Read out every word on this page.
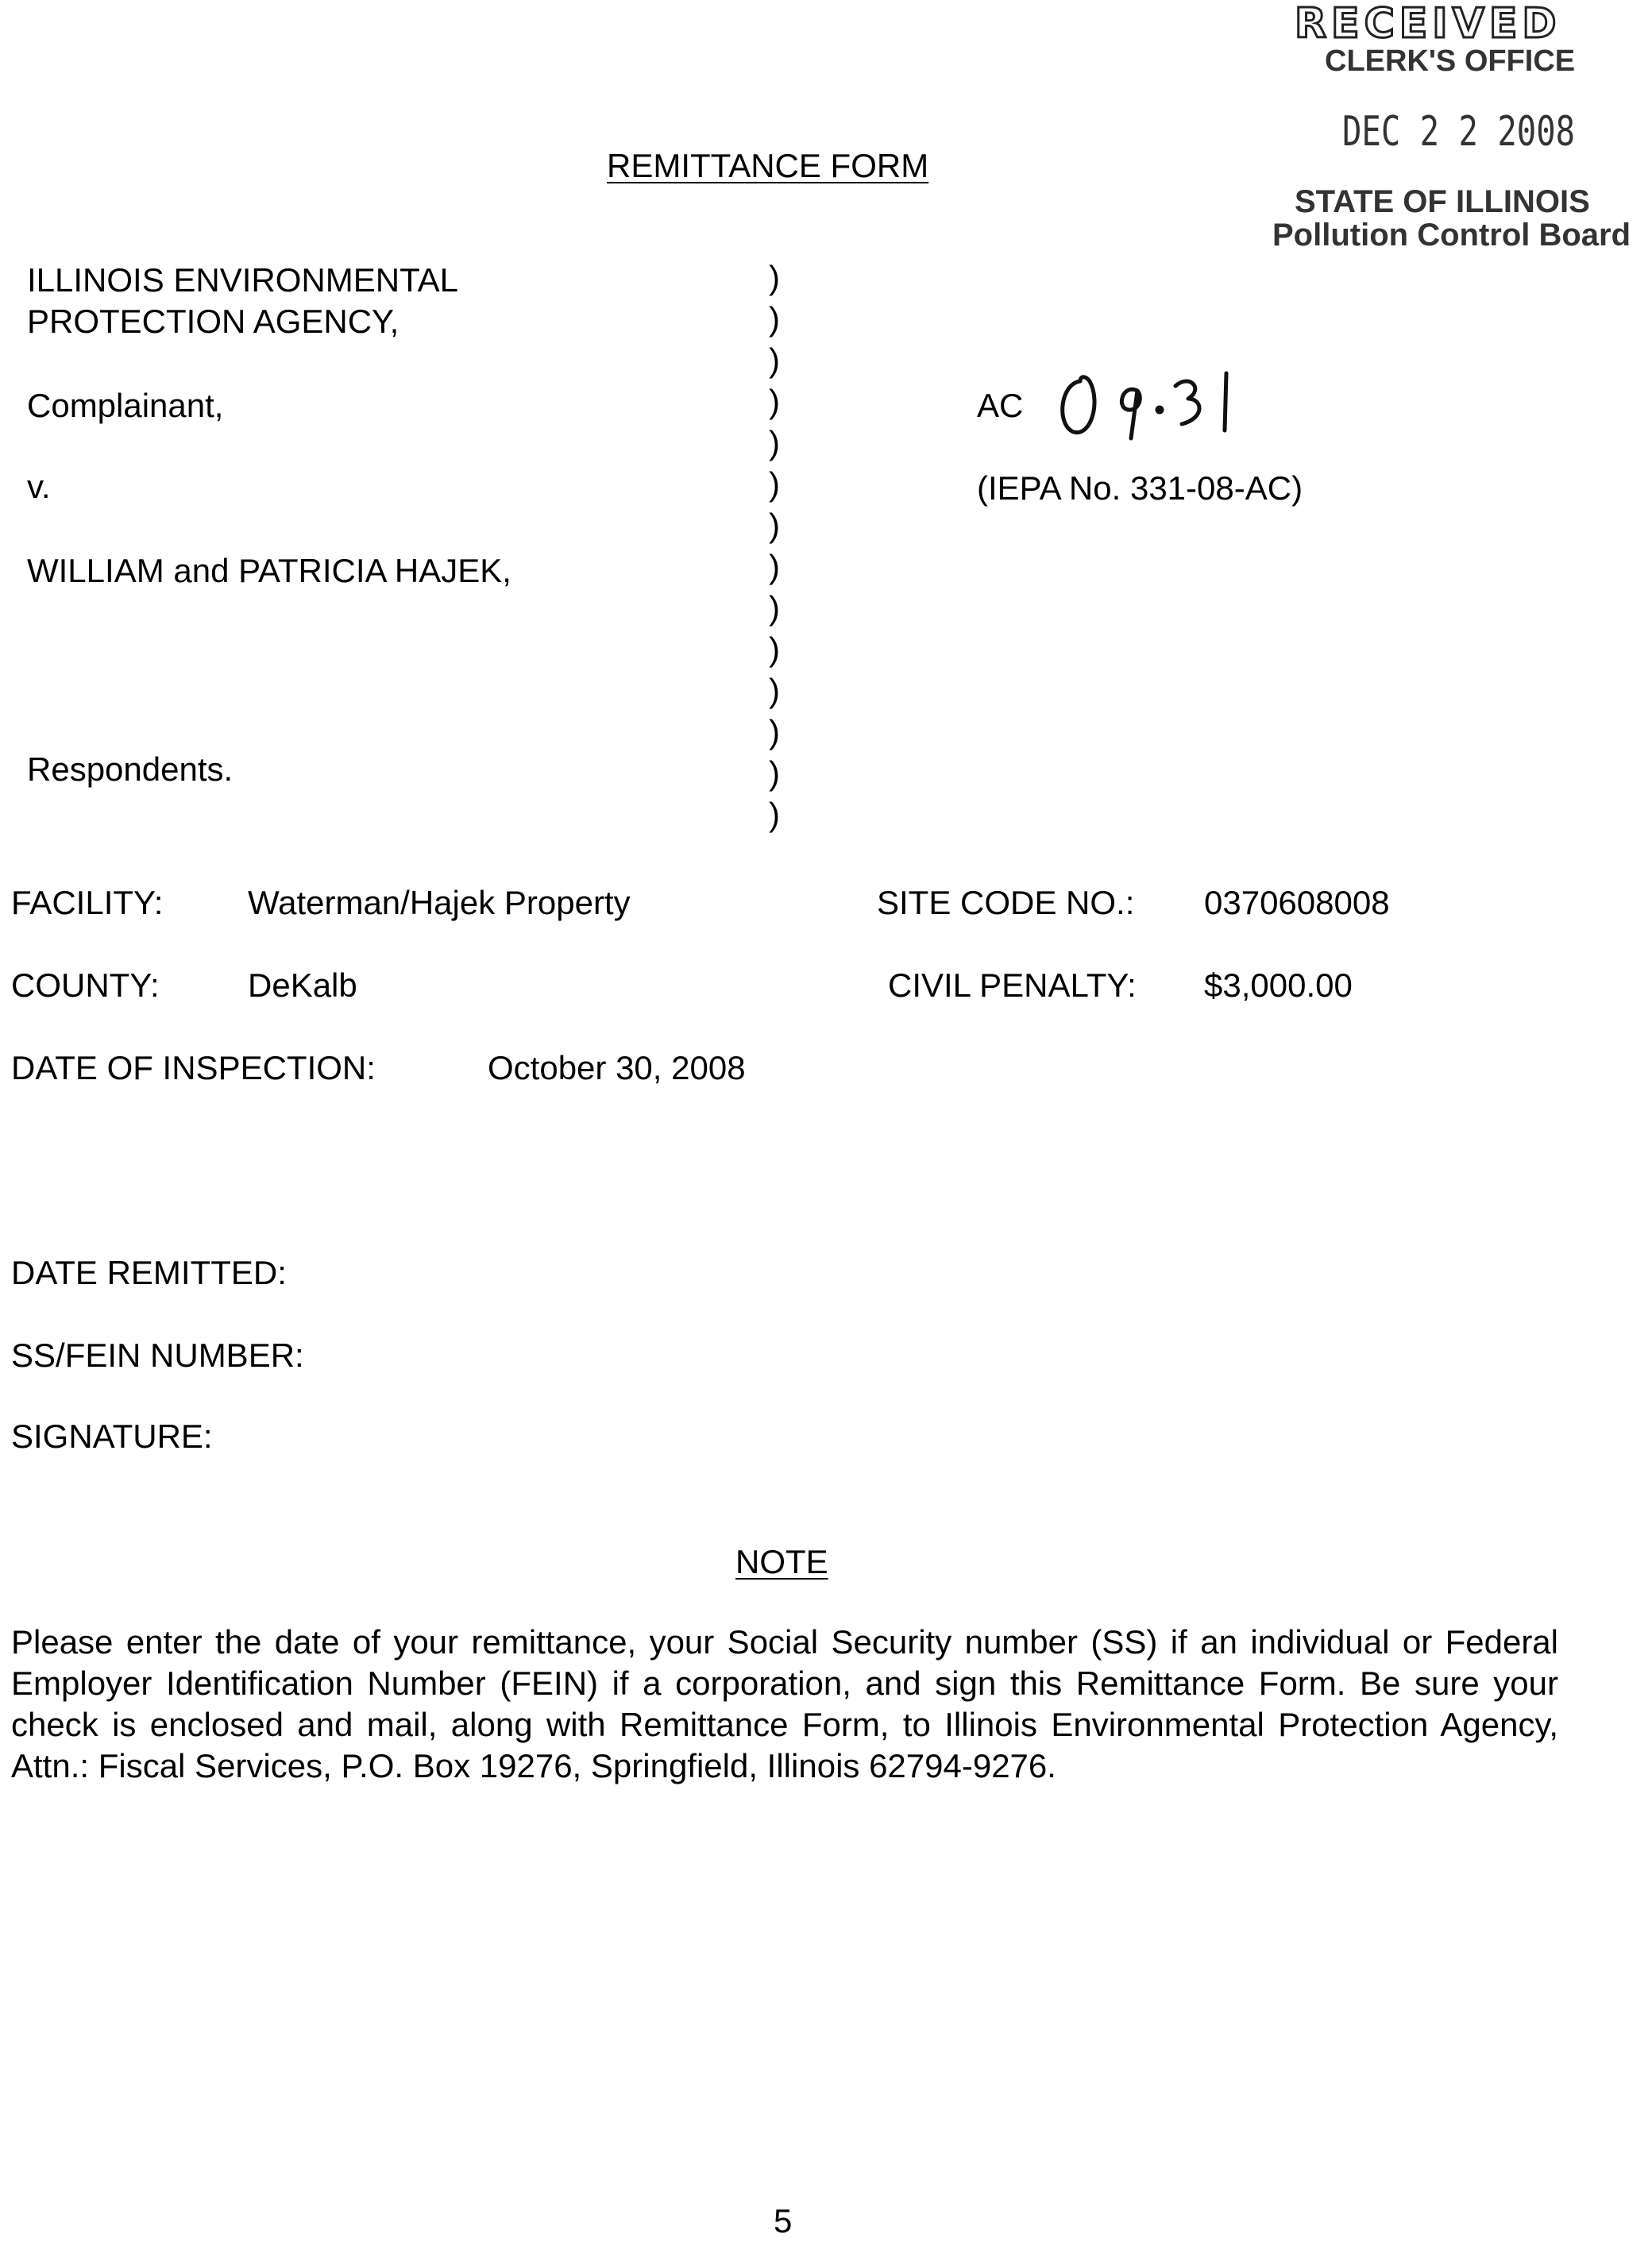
RECEIVED
CLERK'S OFFICE
DEC 2 2 2008
STATE OF ILLINOIS
Pollution Control Board
REMITTANCE FORM
ILLINOIS ENVIRONMENTAL
PROTECTION AGENCY,
Complainant,
v.
WILLIAM and PATRICIA HAJEK,
Respondents.
)
)
)
)
)
)
)
)
)
)
)
)
)
)
AC
09-31
(IEPA No. 331-08-AC)
FACILITY:	Waterman/Hajek Property	SITE CODE NO.: 0370608008
COUNTY:	DeKalb	CIVIL PENALTY: $3,000.00
DATE OF INSPECTION:	October 30, 2008
DATE REMITTED:
SS/FEIN NUMBER:
SIGNATURE:
NOTE
Please enter the date of your remittance, your Social Security number (SS) if an individual or Federal Employer Identification Number (FEIN) if a corporation, and sign this Remittance Form. Be sure your check is enclosed and mail, along with Remittance Form, to Illinois Environmental Protection Agency, Attn.: Fiscal Services, P.O. Box 19276, Springfield, Illinois 62794-9276.
5
